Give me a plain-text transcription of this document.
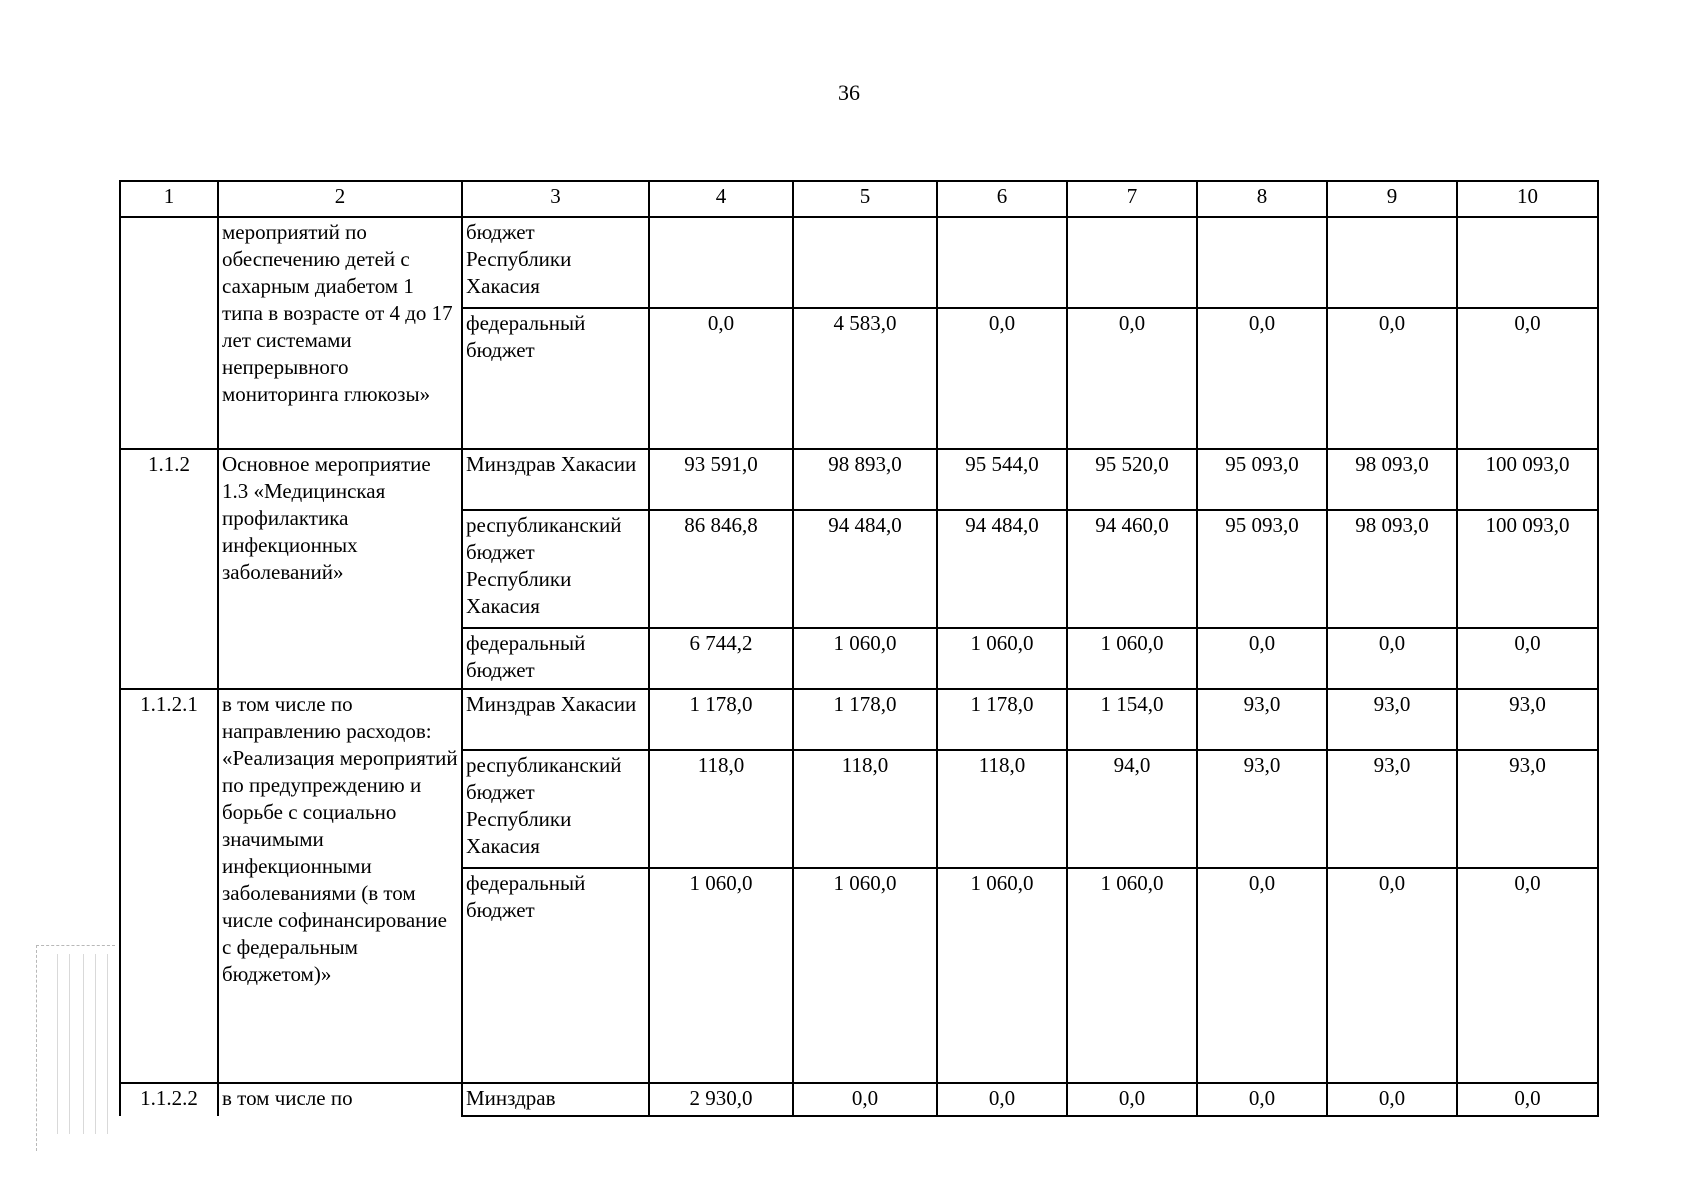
36
1	2	3	4	5	6	7	8	9	10
	мероприятий по обеспечению детей с сахарным диабетом 1 типа в возрасте от 4 до 17 лет системами непрерывного мониторинга глюкозы»	бюджет Республики Хакасия							
		федеральный бюджет	0,0	4 583,0	0,0	0,0	0,0	0,0	0,0
1.1.2	Основное мероприятие 1.3 «Медицинская профилактика инфекционных заболеваний»	Минздрав Хакасии	93 591,0	98 893,0	95 544,0	95 520,0	95 093,0	98 093,0	100 093,0
		республиканский бюджет Республики Хакасия	86 846,8	94 484,0	94 484,0	94 460,0	95 093,0	98 093,0	100 093,0
		федеральный бюджет	6 744,2	1 060,0	1 060,0	1 060,0	0,0	0,0	0,0
1.1.2.1	в том числе по направлению расходов: «Реализация мероприятий по предупреждению и борьбе с социально значимыми инфекционными заболеваниями (в том числе софинансирование с федеральным бюджетом)»	Минздрав Хакасии	1 178,0	1 178,0	1 178,0	1 154,0	93,0	93,0	93,0
		республиканский бюджет Республики Хакасия	118,0	118,0	118,0	94,0	93,0	93,0	93,0
		федеральный бюджет	1 060,0	1 060,0	1 060,0	1 060,0	0,0	0,0	0,0
1.1.2.2	в том числе по	Минздрав	2 930,0	0,0	0,0	0,0	0,0	0,0	0,0
